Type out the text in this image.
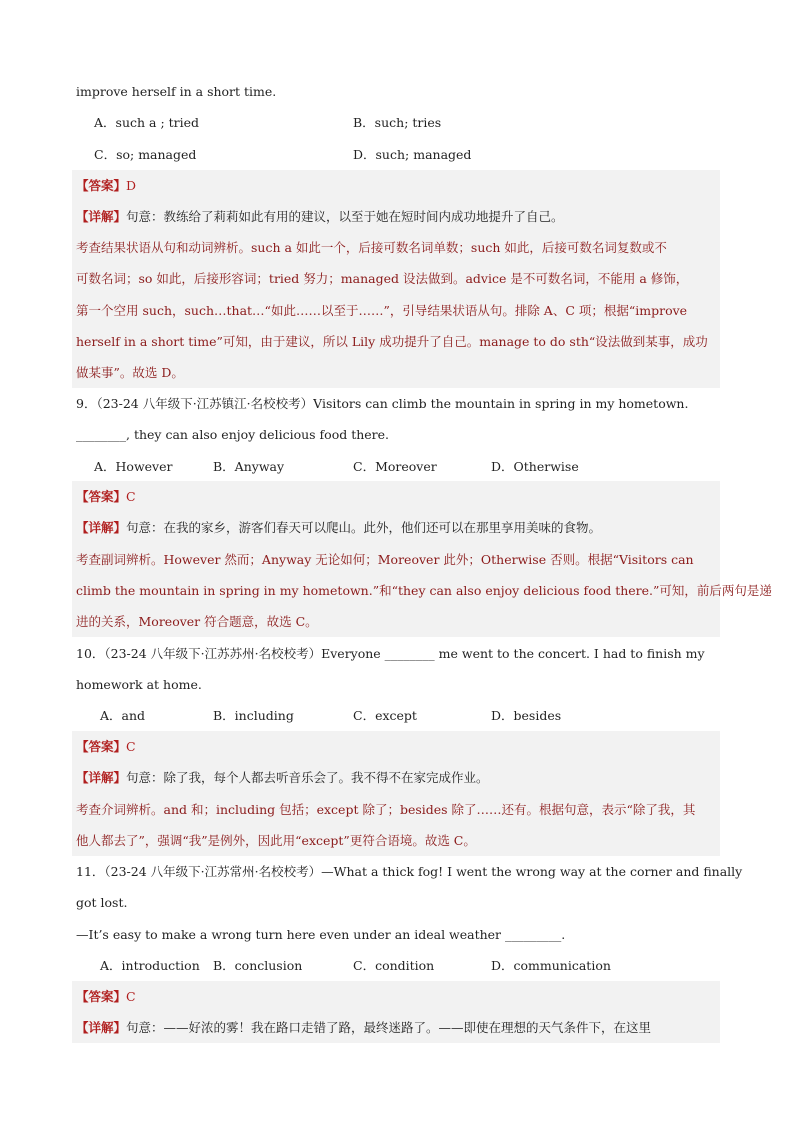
improve herself in a short time.
A．such a ; tried	B．such; tries
C．so; managed	D．such; managed
【答案】D
【详解】句意：教练给了莉莉如此有用的建议，以至于她在短时间内成功地提升了自己。
考查结果状语从句和动词辨析。such a 如此一个，后接可数名词单数；such 如此，后接可数名词复数或不
可数名词；so 如此，后接形容词；tried 努力；managed 设法做到。advice 是不可数名词，不能用 a 修饰，
第一个空用 such，such…that…“如此……以至于……”，引导结果状语从句。排除 A、C 项；根据“improve
herself in a short time”可知，由于建议，所以 Lily 成功提升了自己。manage to do sth“设法做到某事，成功
做某事”。故选 D。
9．（23-24 八年级下·江苏镇江·名校校考）Visitors can climb the mountain in spring in my hometown.
________, they can also enjoy delicious food there.
A．However	B．Anyway	C．Moreover	D．Otherwise
【答案】C
【详解】句意：在我的家乡，游客们春天可以爬山。此外，他们还可以在那里享用美味的食物。
考查副词辨析。However 然而；Anyway 无论如何；Moreover 此外；Otherwise 否则。根据“Visitors can
climb the mountain in spring in my hometown.”和“they can also enjoy delicious food there.”可知，前后两句是递
进的关系，Moreover 符合题意，故选 C。
10．（23-24 八年级下·江苏苏州·名校校考）Everyone ________ me went to the concert. I had to finish my
homework at home.
A．and	B．including	C．except	D．besides
【答案】C
【详解】句意：除了我，每个人都去听音乐会了。我不得不在家完成作业。
考查介词辨析。and 和；including 包括；except 除了；besides 除了……还有。根据句意，表示“除了我，其
他人都去了”，强调“我”是例外，因此用“except”更符合语境。故选 C。
11．（23-24 八年级下·江苏常州·名校校考）—What a thick fog! I went the wrong way at the corner and finally
got lost.
—It’s easy to make a wrong turn here even under an ideal weather _________.
A．introduction B．conclusion	C．condition	D．communication
【答案】C
【详解】句意：——好浓的雾！我在路口走错了路，最终迷路了。——即使在理想的天气条件下，在这里
